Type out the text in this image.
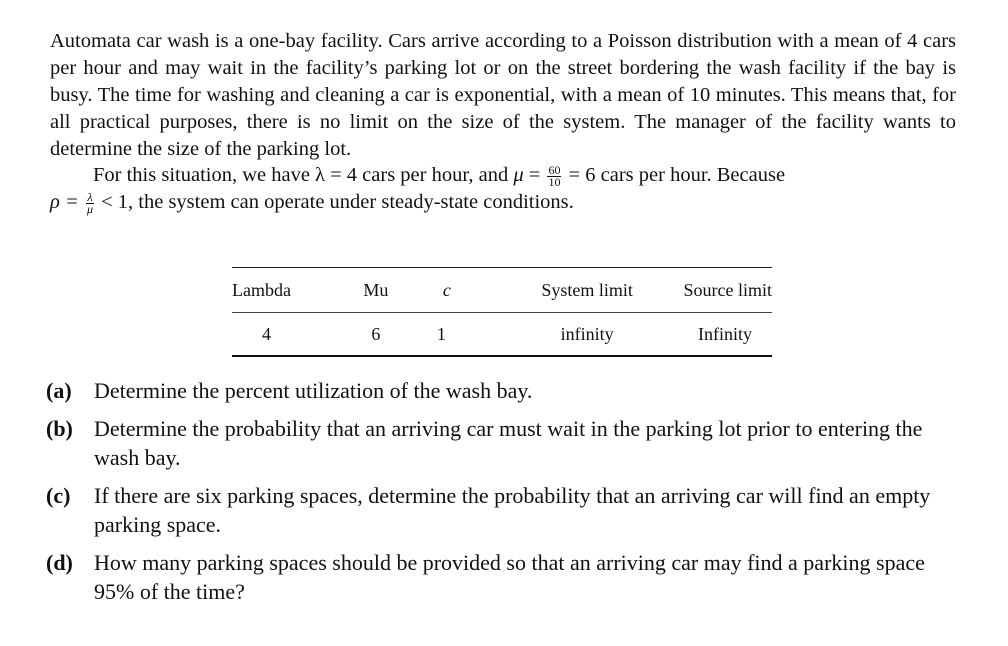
Automata car wash is a one-bay facility. Cars arrive according to a Poisson distribution with a mean of 4 cars per hour and may wait in the facility’s parking lot or on the street bordering the wash facility if the bay is busy. The time for washing and cleaning a car is exponential, with a mean of 10 minutes. This means that, for all practical purposes, there is no limit on the size of the system. The manager of the facility wants to determine the size of the parking lot.

For this situation, we have λ = 4 cars per hour, and $\mu = \frac{60}{10} = 6$ cars per hour. Because
$\rho = \frac{\lambda}{\mu} < 1$, the system can operate under steady-state conditions.
Lambda	Mu	c	System limit	Source limit
4	6	1	infinity	Infinity
(a) Determine the percent utilization of the wash bay.
(b) Determine the probability that an arriving car must wait in the parking lot prior to entering the wash bay.
(c) If there are six parking spaces, determine the probability that an arriving car will find an empty parking space.
(d) How many parking spaces should be provided so that an arriving car may find a parking space 95% of the time?
